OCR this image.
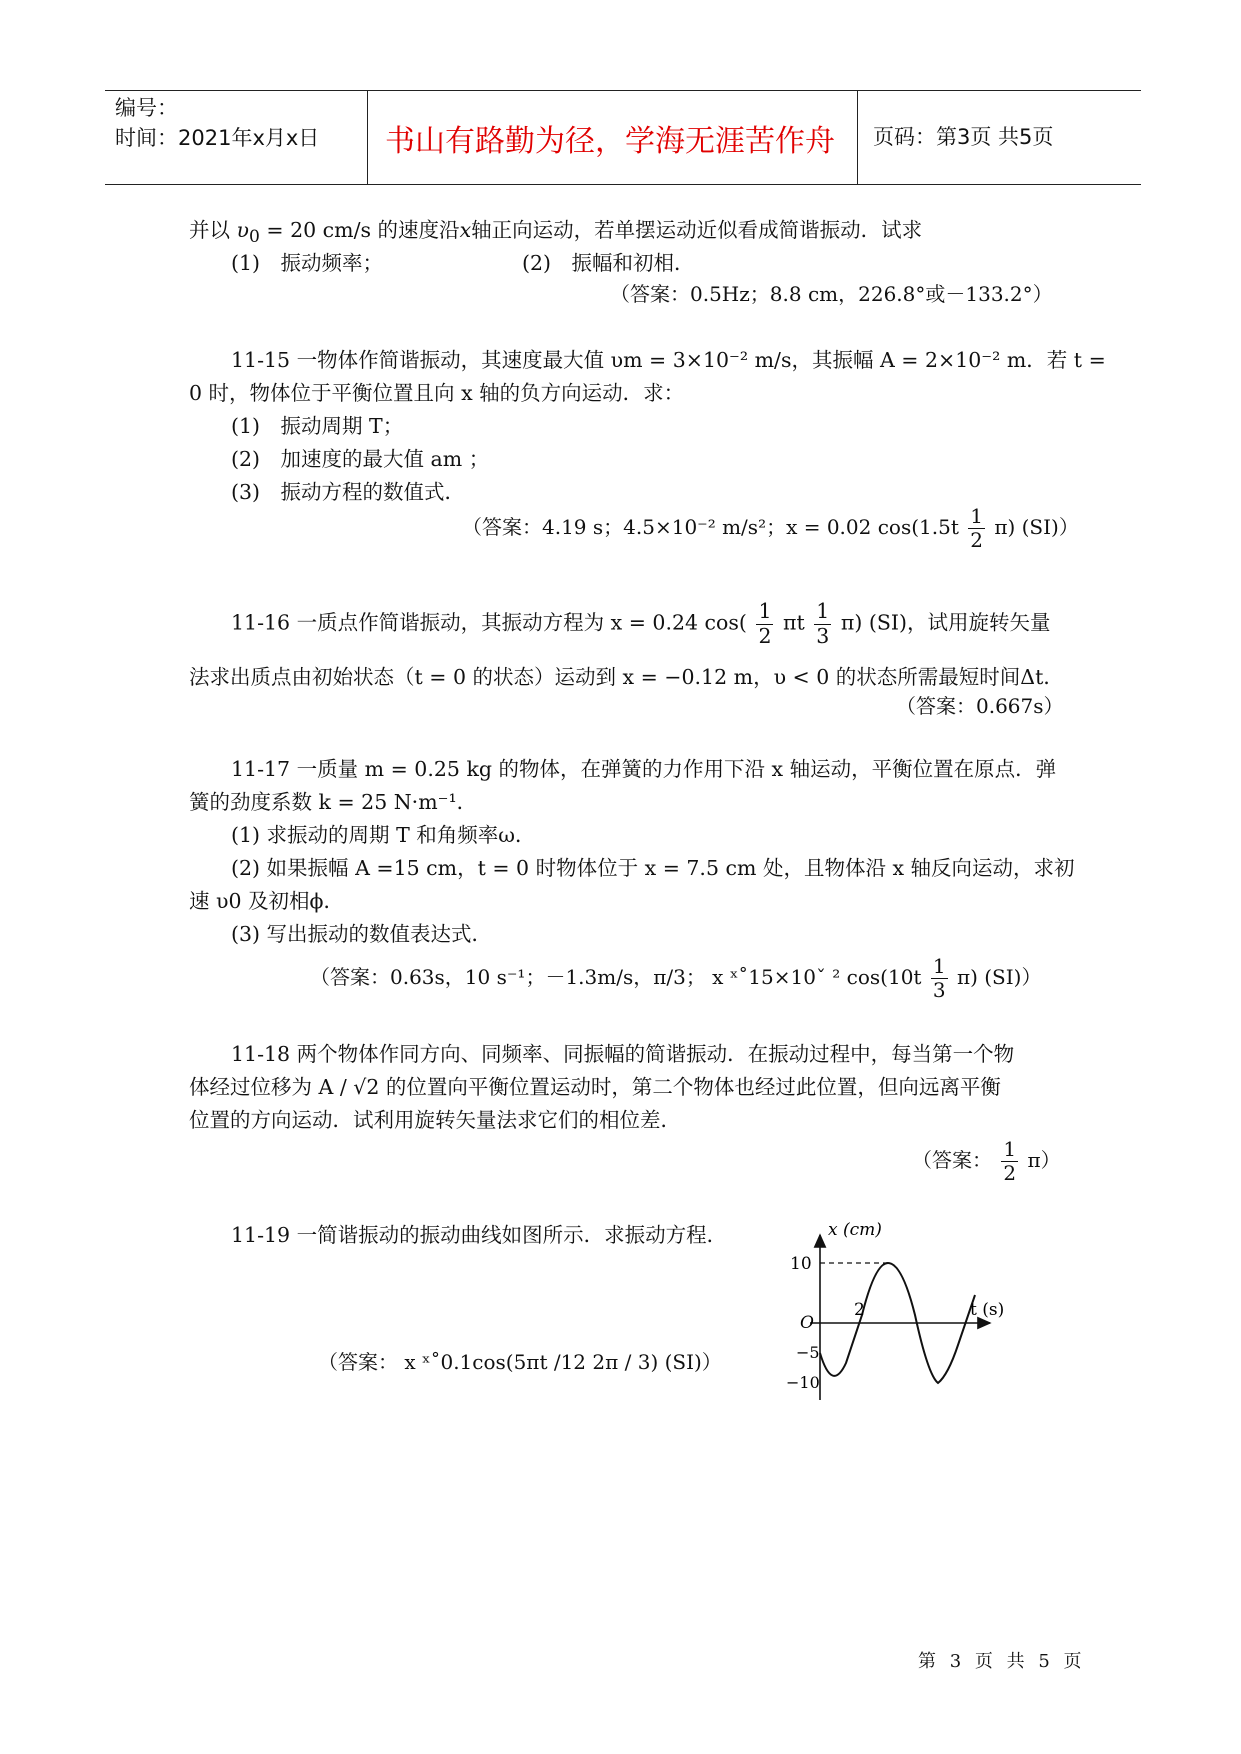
编号：
时间：2021年x月x日	书山有路勤为径，学海无涯苦作舟	页码：第3页 共5页
并以 $\upsilon_0 = 20$ cm/s 的速度沿x轴正向运动，若单摆运动近似看成简谐振动．试求
(1)　振动频率；	(2)　振幅和初相．
（答案：0.5Hz；8.8 cm，226.8°或－133.2°）
11-15 一物体作简谐振动，其速度最大值 υm = 3×10⁻² m/s，其振幅 A = 2×10⁻² m．若 t =
0 时，物体位于平衡位置且向 x 轴的负方向运动．求：
(1)　振动周期 T；
(2)　加速度的最大值 am ；
(3)　振动方程的数值式．
（答案：4.19 s；4.5×10⁻² m/s²；x = 0.02 $\cos(1.5t \frac{1}{2} \pi)$ (SI)）
11-16 一质点作简谐振动，其振动方程为 x = 0.24 $\cos( \frac{1}{2}$ πt $\frac{1}{3} \pi$) (SI)，试用旋转矢量
法求出质点由初始状态（t = 0 的状态）运动到 x = −0.12 m，υ < 0 的状态所需最短时间Δt．
（答案：0.667s）
11-17 一质量 m = 0.25 kg 的物体，在弹簧的力作用下沿 x 轴运动，平衡位置在原点．弹
簧的劲度系数 k = 25 N·m⁻¹．
(1) 求振动的周期 T 和角频率ω．
(2) 如果振幅 A =15 cm，t = 0 时物体位于 x = 7.5 cm 处，且物体沿 x 轴反向运动，求初
速 υ0 及初相ϕ．
(3) 写出振动的数值表达式．
（答案：0.63s，10 s⁻¹；－1.3m/s，π/3； x ˣ˚15×10ˇ ² $\cos(10t \frac{1}{3} \pi)$ (SI)）
11-18 两个物体作同方向、同频率、同振幅的简谐振动．在振动过程中，每当第一个物
体经过位移为 A / √2 的位置向平衡位置运动时，第二个物体也经过此位置，但向远离平衡
位置的方向运动．试利用旋转矢量法求它们的相位差．
（答案： $\frac{1}{2} \pi$）
11-19 一简谐振动的振动曲线如图所示．求振动方程．
（答案： x ˣ˚0.1cos(5πt /12 2π / 3) (SI)）
x (cm)
t (s)
O
10
−5
−10
2
第 3 页 共 5 页
